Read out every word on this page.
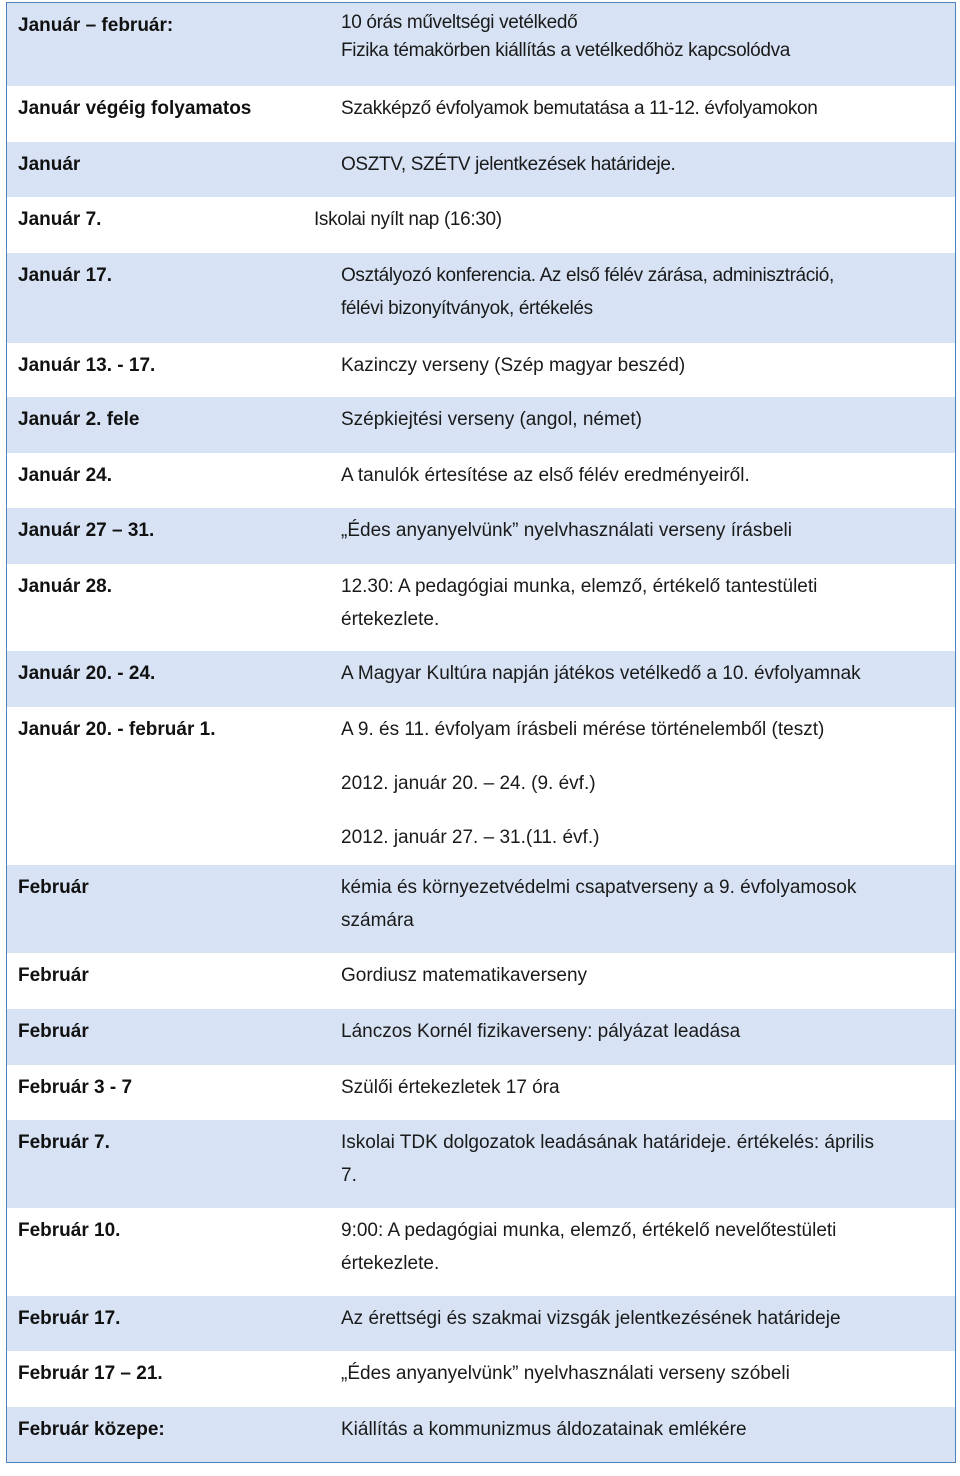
Január – február:	10 órás műveltségi vetélkedő
Fizika témakörben kiállítás a vetélkedőhöz kapcsolódva
Január végéig folyamatos	Szakképző évfolyamok bemutatása a 11-12. évfolyamokon
Január	OSZTV, SZÉTV jelentkezések határideje.
Január 7.	Iskolai nyílt nap (16:30)
Január 17.	Osztályozó konferencia. Az első félév zárása, adminisztráció,
félévi bizonyítványok, értékelés
Január 13. - 17.	Kazinczy verseny (Szép magyar beszéd)
Január 2. fele	Szépkiejtési verseny (angol, német)
Január 24.	A tanulók értesítése az első félév eredményeiről.
Január 27 – 31.	„Édes anyanyelvünk” nyelvhasználati verseny írásbeli
Január 28.	12.30: A pedagógiai munka, elemző, értékelő tantestületi
értekezlete.
Január 20. - 24.	A Magyar Kultúra napján játékos vetélkedő a 10. évfolyamnak
Január 20. - február 1.	A 9. és 11. évfolyam írásbeli mérése történelemből (teszt)
2012. január 20. – 24. (9. évf.)
2012. január 27. – 31.(11. évf.)
Február	kémia és környezetvédelmi csapatverseny a 9. évfolyamosok
számára
Február	Gordiusz matematikaverseny
Február	Lánczos Kornél fizikaverseny: pályázat leadása
Február 3 - 7	Szülői értekezletek 17 óra
Február 7.	Iskolai TDK dolgozatok leadásának határideje. értékelés: április
7.
Február 10.	9:00: A pedagógiai munka, elemző, értékelő nevelőtestületi
értekezlete.
Február 17.	Az érettségi és szakmai vizsgák jelentkezésének határideje
Február 17 – 21.	„Édes anyanyelvünk” nyelvhasználati verseny szóbeli
Február közepe:	Kiállítás a kommunizmus áldozatainak emlékére
